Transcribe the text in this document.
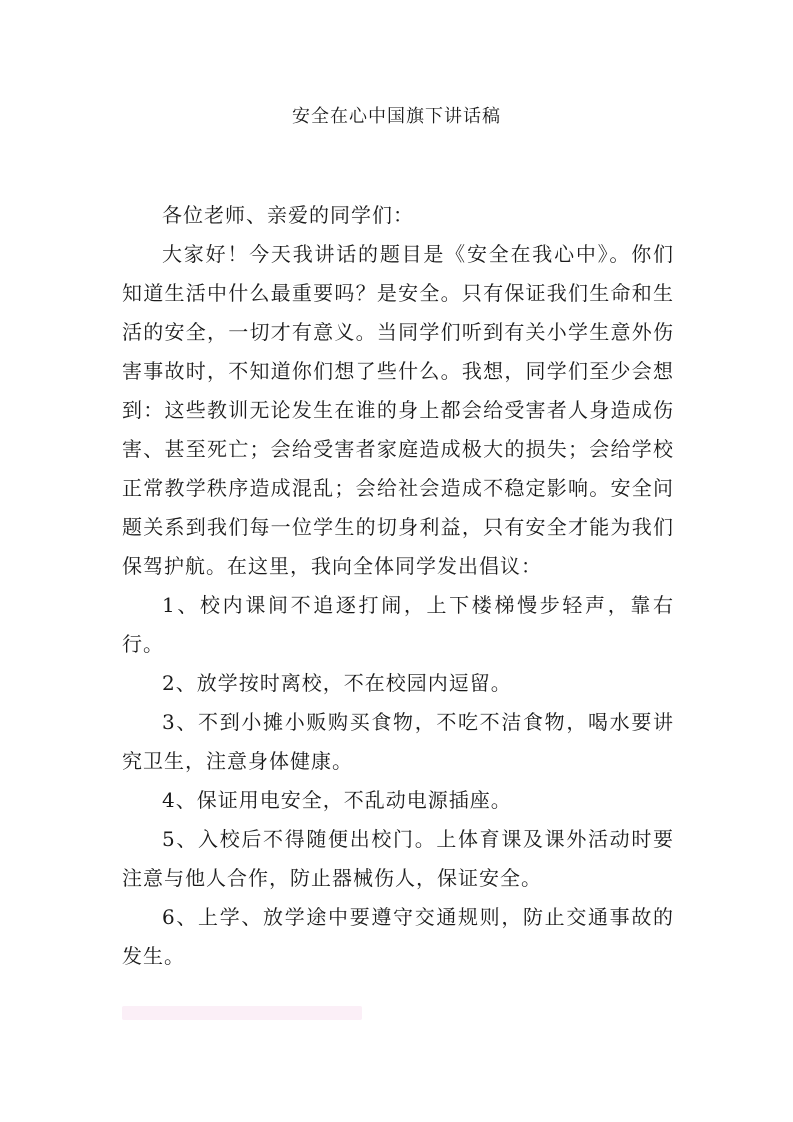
安全在心中国旗下讲话稿

各位老师、亲爱的同学们：

大家好！今天我讲话的题目是《安全在我心中》。你们知道生活中什么最重要吗？是安全。只有保证我们生命和生活的安全，一切才有意义。当同学们听到有关小学生意外伤害事故时，不知道你们想了些什么。我想，同学们至少会想到：这些教训无论发生在谁的身上都会给受害者人身造成伤害、甚至死亡；会给受害者家庭造成极大的损失；会给学校正常教学秩序造成混乱；会给社会造成不稳定影响。安全问题关系到我们每一位学生的切身利益，只有安全才能为我们保驾护航。在这里，我向全体同学发出倡议：

1、校内课间不追逐打闹，上下楼梯慢步轻声，靠右行。

2、放学按时离校，不在校园内逗留。

3、不到小摊小贩购买食物，不吃不洁食物，喝水要讲究卫生，注意身体健康。

4、保证用电安全，不乱动电源插座。

5、入校后不得随便出校门。上体育课及课外活动时要注意与他人合作，防止器械伤人，保证安全。

6、上学、放学途中要遵守交通规则，防止交通事故的发生。
